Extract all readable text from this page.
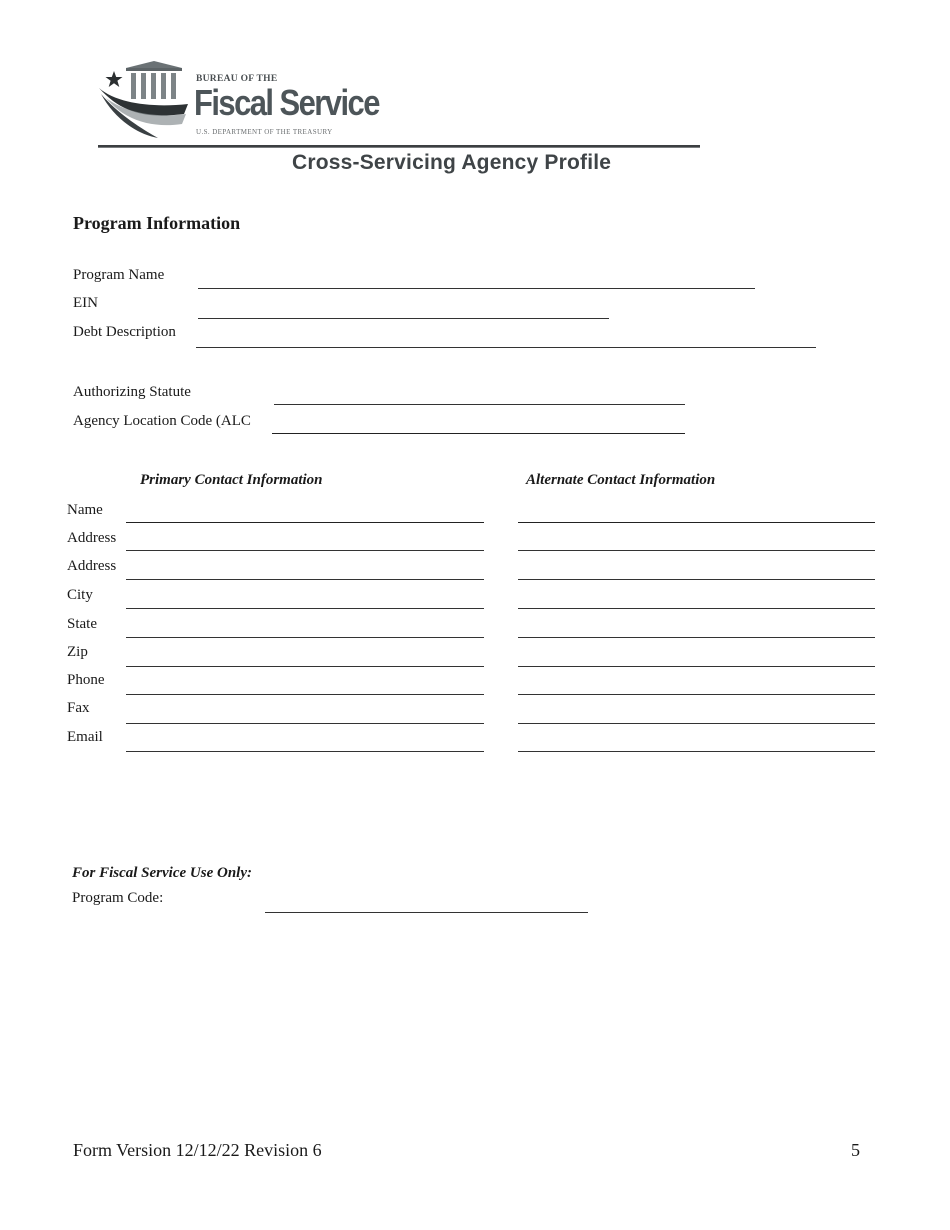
BUREAU OF THE
Fiscal Service
U.S. DEPARTMENT OF THE TREASURY
Cross-Servicing Agency Profile
Program Information
Program Name
EIN
Debt Description
Authorizing Statute
Agency Location Code (ALC
Primary Contact Information	Alternate Contact Information
Name
Address
Address
City
State
Zip
Phone
Fax
Email
For Fiscal Service Use Only:
Program Code:
Form Version 12/12/22 Revision 6	5
